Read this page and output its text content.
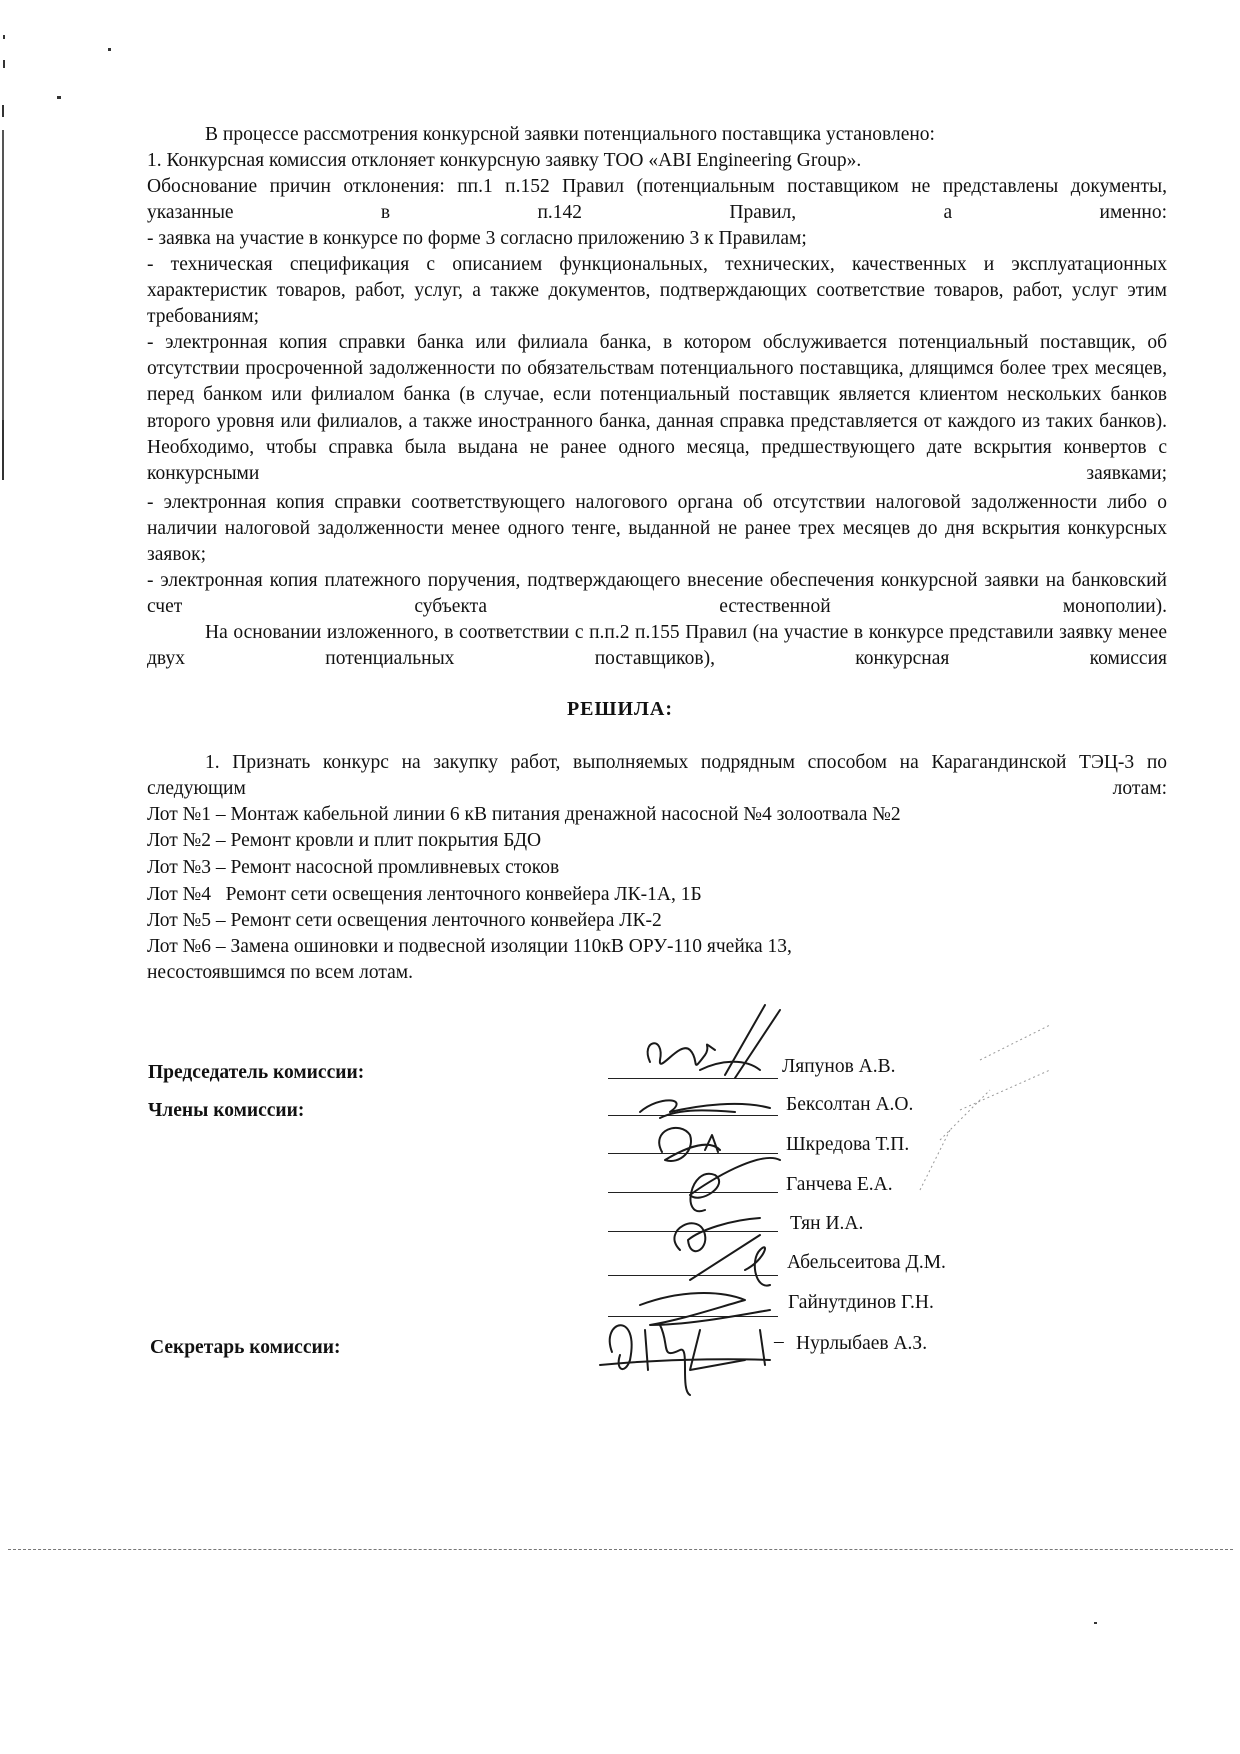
В процессе рассмотрения конкурсной заявки потенциального поставщика установлено:
1. Конкурсная комиссия отклоняет конкурсную заявку ТОО «ABI Engineering Group».
Обоснование причин отклонения: пп.1 п.152 Правил (потенциальным поставщиком не представлены документы, указанные в п.142 Правил, а именно:
- заявка на участие в конкурсе по форме 3 согласно приложению 3 к Правилам;
- техническая спецификация с описанием функциональных, технических, качественных и эксплуатационных характеристик товаров, работ, услуг, а также документов, подтверждающих соответствие товаров, работ, услуг этим требованиям;
- электронная копия справки банка или филиала банка, в котором обслуживается потенциальный поставщик, об отсутствии просроченной задолженности по обязательствам потенциального поставщика, длящимся более трех месяцев, перед банком или филиалом банка (в случае, если потенциальный поставщик является клиентом нескольких банков второго уровня или филиалов, а также иностранного банка, данная справка представляется от каждого из таких банков). Необходимо, чтобы справка была выдана не ранее одного месяца, предшествующего дате вскрытия конвертов с конкурсными заявками;
- электронная копия справки соответствующего налогового органа об отсутствии налоговой задолженности либо о наличии налоговой задолженности менее одного тенге, выданной не ранее трех месяцев до дня вскрытия конкурсных заявок;
- электронная копия платежного поручения, подтверждающего внесение обеспечения конкурсной заявки на банковский счет субъекта естественной монополии).
На основании изложенного, в соответствии с п.п.2 п.155 Правил (на участие в конкурсе представили заявку менее двух потенциальных поставщиков), конкурсная комиссия
РЕШИЛА:
1. Признать конкурс на закупку работ, выполняемых подрядным способом на Карагандинской ТЭЦ-3 по следующим лотам:
Лот №1 – Монтаж кабельной линии 6 кВ питания дренажной насосной №4 золоотвала №2
Лот №2 – Ремонт кровли и плит покрытия БДО
Лот №3 – Ремонт насосной промливневых стоков
Лот №4   Ремонт сети освещения ленточного конвейера ЛК-1А, 1Б
Лот №5 – Ремонт сети освещения ленточного конвейера ЛК-2
Лот №6 – Замена ошиновки и подвесной изоляции 110кВ ОРУ-110 ячейка 13,
несостоявшимся по всем лотам.
Председатель комиссии:
Члены комиссии:
Секретарь комиссии:
Ляпунов А.В.
Бексолтан А.О.
Шкредова Т.П.
Ганчева Е.А.
Тян И.А.
Абельсеитова Д.М.
Гайнутдинов Г.Н.
– Нурлыбаев А.З.
